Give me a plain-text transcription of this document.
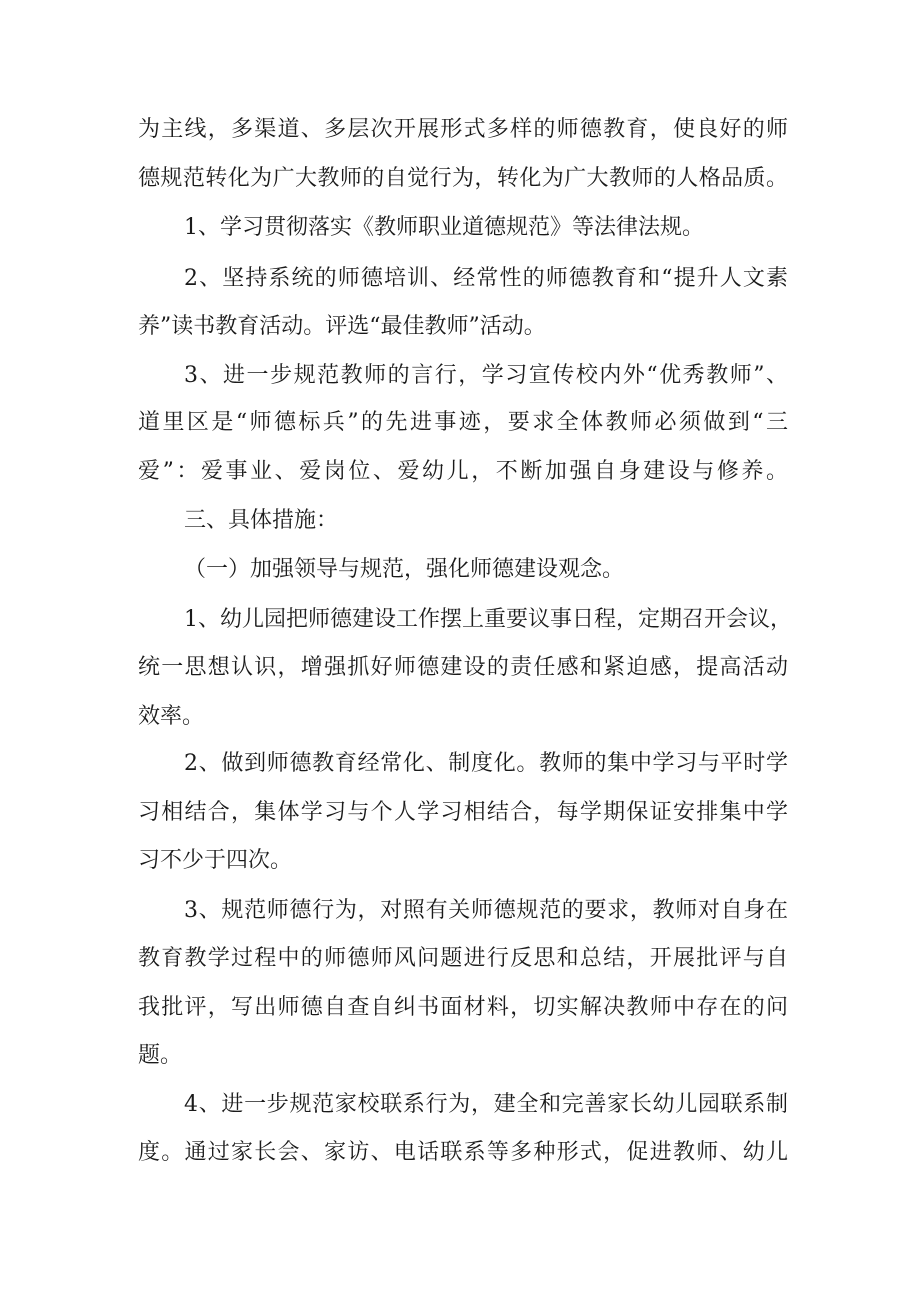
为主线，多渠道、多层次开展形式多样的师德教育，使良好的师

德规范转化为广大教师的自觉行为，转化为广大教师的人格品质。

1、学习贯彻落实《教师职业道德规范》等法律法规。

2、坚持系统的师德培训、经常性的师德教育和“提升人文素

养”读书教育活动。评选“最佳教师”活动。

3、进一步规范教师的言行，学习宣传校内外“优秀教师”、

道里区是“师德标兵”的先进事迹，要求全体教师必须做到“三

爱”：爱事业、爱岗位、爱幼儿，不断加强自身建设与修养。

三、具体措施：

（一）加强领导与规范，强化师德建设观念。

1、幼儿园把师德建设工作摆上重要议事日程，定期召开会议，

统一思想认识，增强抓好师德建设的责任感和紧迫感，提高活动

效率。

2、做到师德教育经常化、制度化。教师的集中学习与平时学

习相结合，集体学习与个人学习相结合，每学期保证安排集中学

习不少于四次。

3、规范师德行为，对照有关师德规范的要求，教师对自身在

教育教学过程中的师德师风问题进行反思和总结，开展批评与自

我批评，写出师德自查自纠书面材料，切实解决教师中存在的问

题。

4、进一步规范家校联系行为，建全和完善家长幼儿园联系制

度。通过家长会、家访、电话联系等多种形式，促进教师、幼儿
